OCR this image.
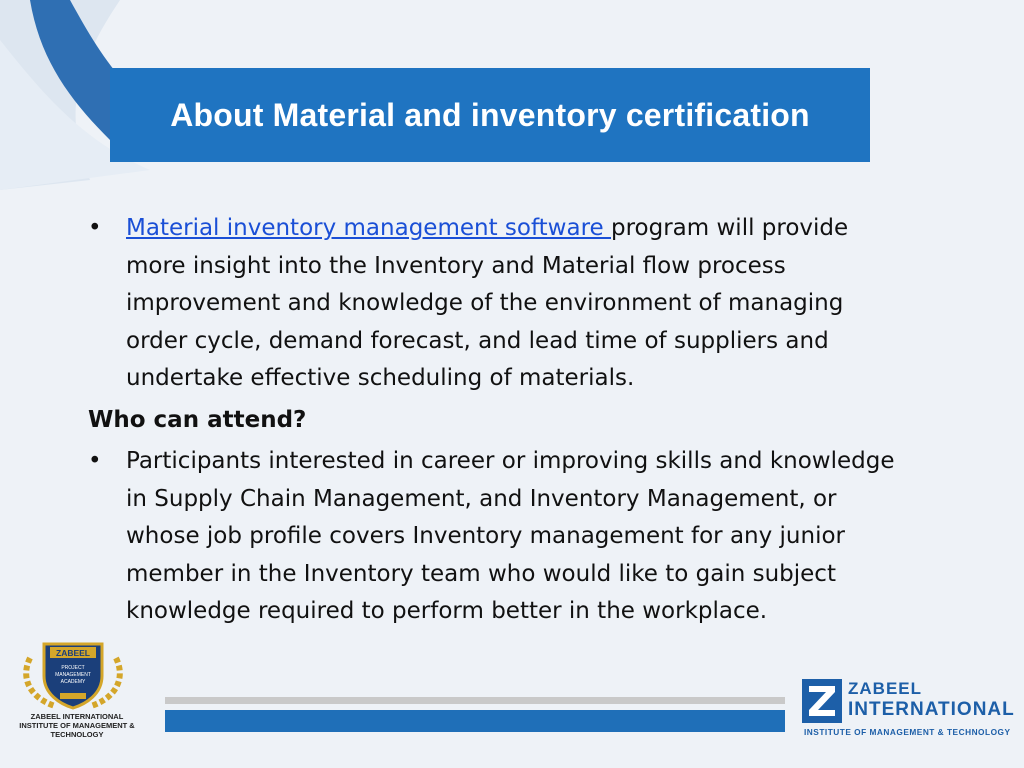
About Material and inventory certification
• Material inventory management software program will provide more insight into the Inventory and Material flow process improvement and knowledge of the environment of managing order cycle, demand forecast, and lead time of suppliers and undertake effective scheduling of materials.
Who can attend?
• Participants interested in career or improving skills and knowledge in Supply Chain Management, and Inventory Management, or whose job profile covers Inventory management for any junior member in the Inventory team who would like to gain subject knowledge required to perform better in the workplace.
ZABEEL
PROJECT
MANAGEMENT
ACADEMY
ZABEEL INTERNATIONAL
INSTITUTE OF MANAGEMENT & TECHNOLOGY
ZABEEL
INTERNATIONAL
INSTITUTE OF MANAGEMENT & TECHNOLOGY
